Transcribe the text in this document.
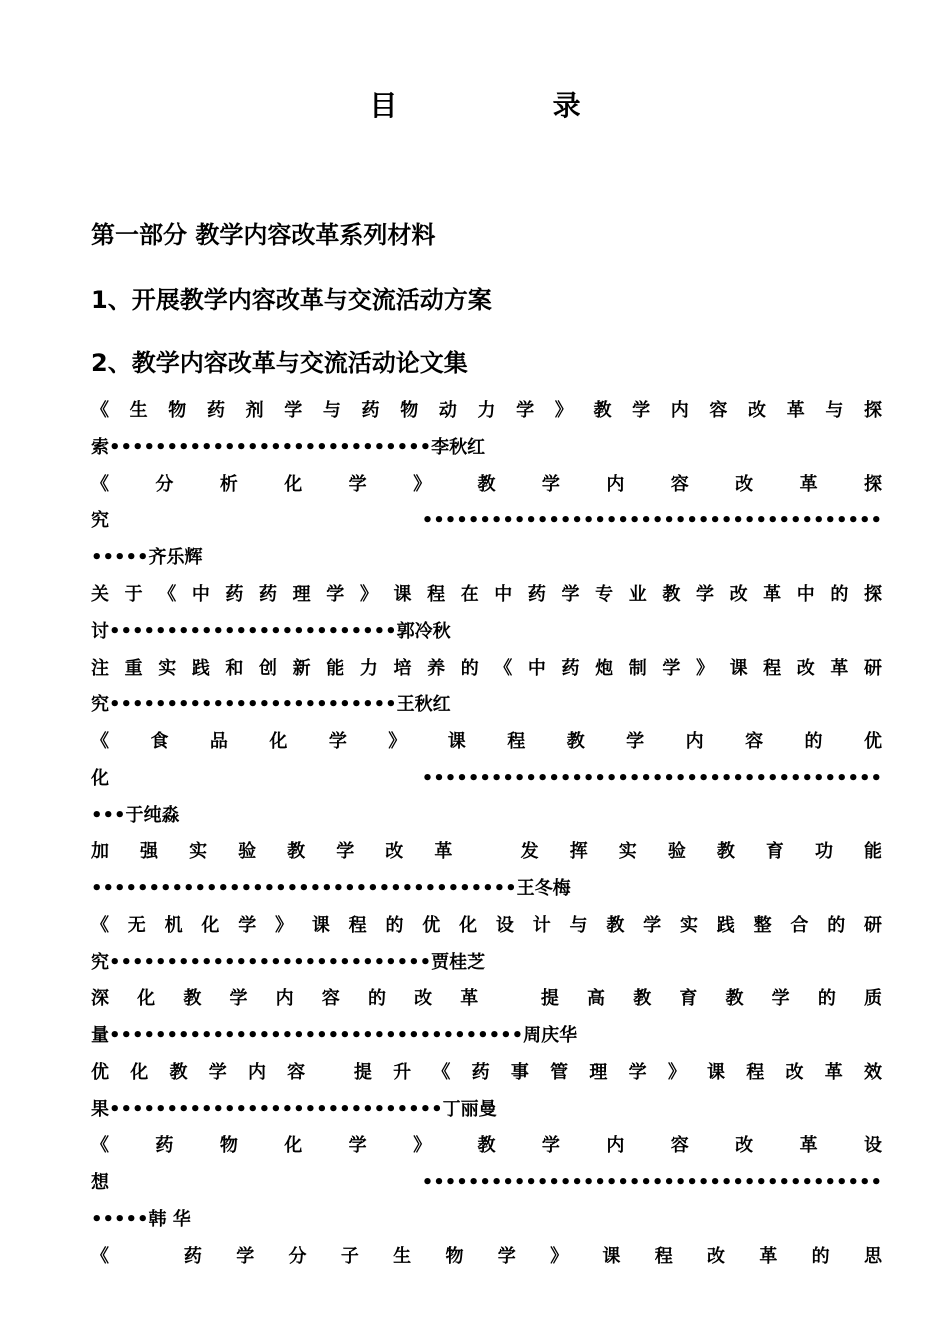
目 录
第一部分 教学内容改革系列材料
1、开展教学内容改革与交流活动方案
2、教学内容改革与交流活动论文集
《生物药剂学与药物动力学》教学内容改革与探
索••••••••••••••••••••••••••••李秋红
《分析化学》教学内容改革探
究 ••••••••••••••••••••••••••••••••••••••••
•••••齐乐辉
关于《中药药理学》课程在中药学专业教学改革中的探
讨•••••••••••••••••••••••••郭冷秋
注重实践和创新能力培养的《中药炮制学》课程改革研
究•••••••••••••••••••••••••王秋红
《食品化学》课程教学内容的优
化 ••••••••••••••••••••••••••••••••••••••••
•••于纯淼
加强实验教学改革 发挥实验教育功能
•••••••••••••••••••••••••••••••••••••王冬梅
《无机化学》课程的优化设计与教学实践整合的研
究••••••••••••••••••••••••••••贾桂芝
深化教学内容的改革 提高教育教学的质
量••••••••••••••••••••••••••••••••••••周庆华
优化教学内容 提升《药事管理学》课程改革效
果•••••••••••••••••••••••••••••丁丽曼
《药物化学》教学内容改革设
想 ••••••••••••••••••••••••••••••••••••••••
•••••韩 华
《 药学分子生物学》课程改革的思
